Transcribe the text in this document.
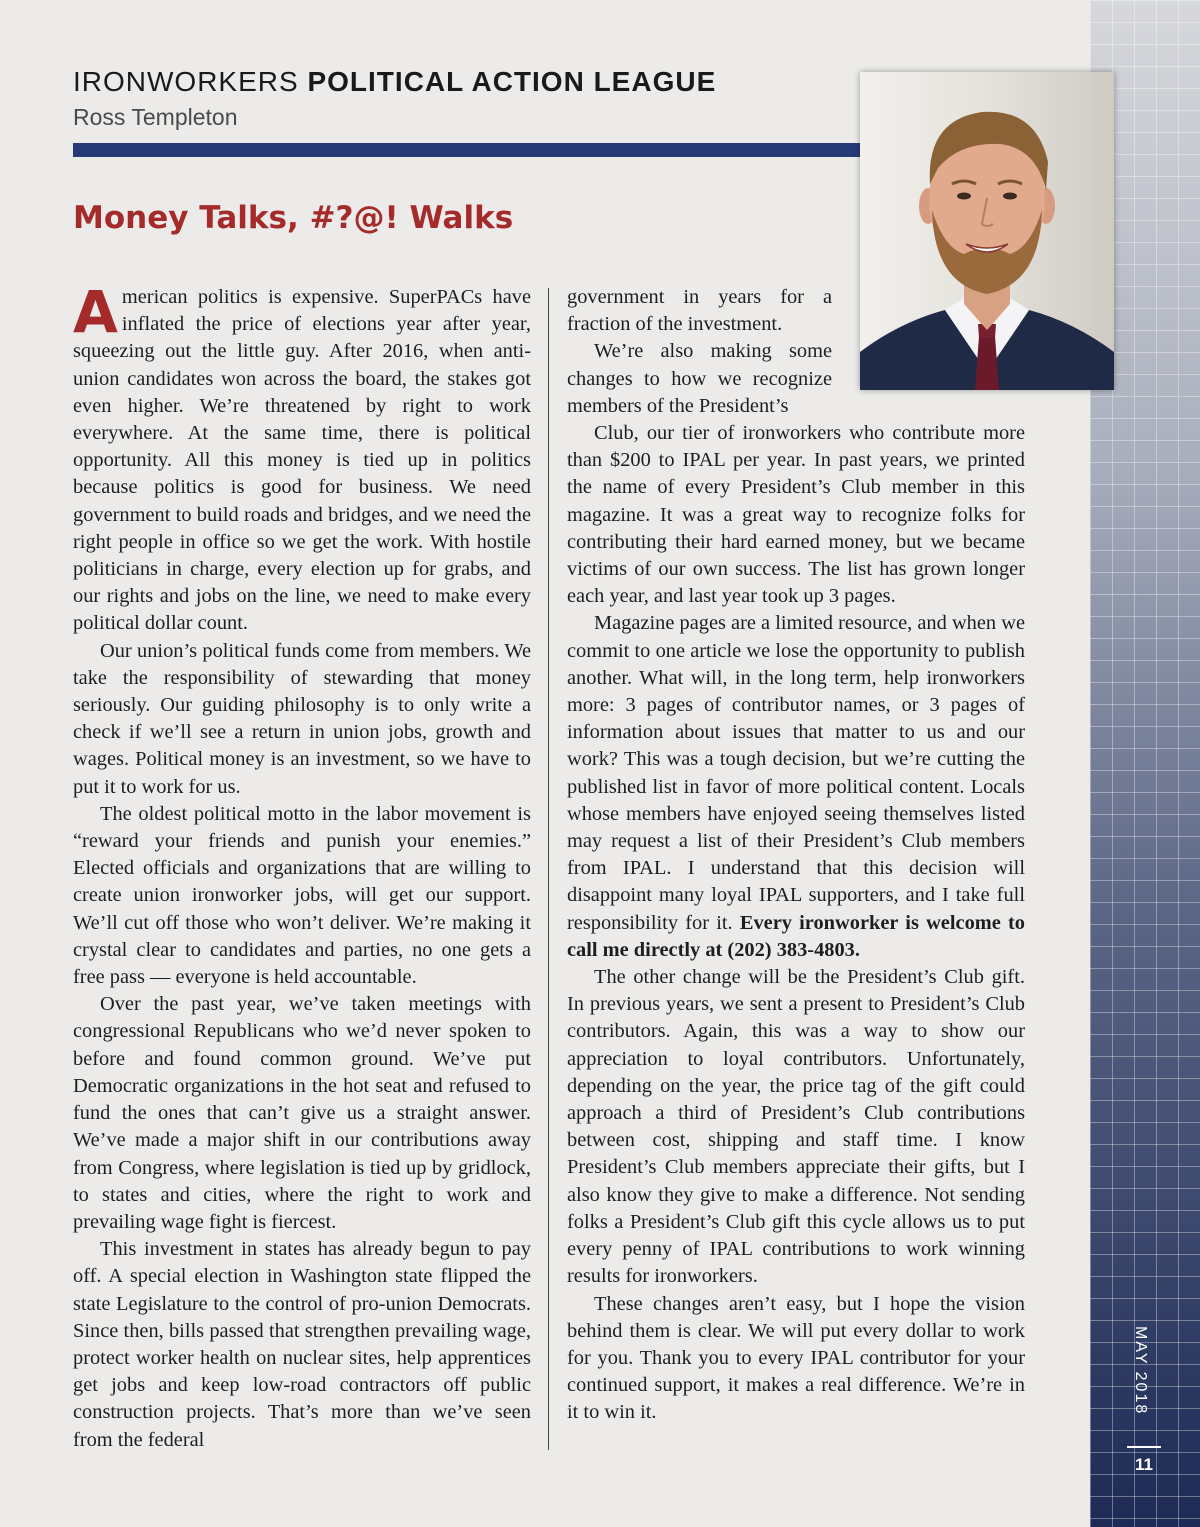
MAY 2018
11
IRONWORKERS POLITICAL ACTION LEAGUE
Ross Templeton
Money Talks, #?@! Walks

American politics is expensive. SuperPACs have inflated the price of elections year after year, squeezing out the little guy. After 2016, when anti-union candidates won across the board, the stakes got even higher. We’re threatened by right to work everywhere. At the same time, there is political opportunity. All this money is tied up in politics because politics is good for business. We need government to build roads and bridges, and we need the right people in office so we get the work. With hostile politicians in charge, every election up for grabs, and our rights and jobs on the line, we need to make every political dollar count.

Our union’s political funds come from members. We take the responsibility of stewarding that money seriously. Our guiding philosophy is to only write a check if we’ll see a return in union jobs, growth and wages. Political money is an investment, so we have to put it to work for us.

The oldest political motto in the labor movement is “reward your friends and punish your enemies.” Elected officials and organizations that are willing to create union ironworker jobs, will get our support. We’ll cut off those who won’t deliver. We’re making it crystal clear to candidates and parties, no one gets a free pass — everyone is held accountable.

Over the past year, we’ve taken meetings with congressional Republicans who we’d never spoken to before and found common ground. We’ve put Democratic organizations in the hot seat and refused to fund the ones that can’t give us a straight answer. We’ve made a major shift in our contributions away from Congress, where legislation is tied up by gridlock, to states and cities, where the right to work and prevailing wage fight is fiercest.

This investment in states has already begun to pay off. A special election in Washington state flipped the state Legislature to the control of pro-union Democrats. Since then, bills passed that strengthen prevailing wage, protect worker health on nuclear sites, help apprentices get jobs and keep low-road contractors off public construction projects. That’s more than we’ve seen from the federal

government in years for a fraction of the investment.

We’re also making some changes to how we recognize members of the President’s

Club, our tier of ironworkers who contribute more than $200 to IPAL per year. In past years, we printed the name of every President’s Club member in this magazine. It was a great way to recognize folks for contributing their hard earned money, but we became victims of our own success. The list has grown longer each year, and last year took up 3 pages.

Magazine pages are a limited resource, and when we commit to one article we lose the opportunity to publish another. What will, in the long term, help ironworkers more: 3 pages of contributor names, or 3 pages of information about issues that matter to us and our work? This was a tough decision, but we’re cutting the published list in favor of more political content. Locals whose members have enjoyed seeing themselves listed may request a list of their President’s Club members from IPAL. I understand that this decision will disappoint many loyal IPAL supporters, and I take full responsibility for it. Every ironworker is welcome to call me directly at (202) 383-4803.

The other change will be the President’s Club gift. In previous years, we sent a present to President’s Club contributors. Again, this was a way to show our appreciation to loyal contributors. Unfortunately, depending on the year, the price tag of the gift could approach a third of President’s Club contributions between cost, shipping and staff time. I know President’s Club members appreciate their gifts, but I also know they give to make a difference. Not sending folks a President’s Club gift this cycle allows us to put every penny of IPAL contributions to work winning results for ironworkers.

These changes aren’t easy, but I hope the vision behind them is clear. We will put every dollar to work for you. Thank you to every IPAL contributor for your continued support, it makes a real difference. We’re in it to win it.
